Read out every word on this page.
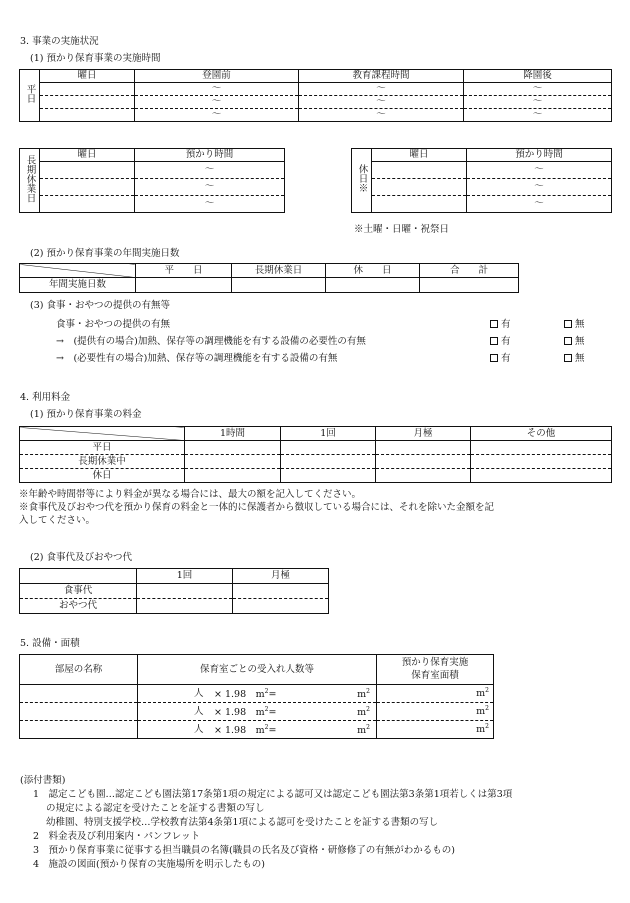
3. 事業の実施状況
(1) 預かり保育事業の実施時間
平日	曜日	登園前	教育課程時間	降園後
		〜	〜	〜
		〜	〜	〜
		〜	〜	〜
長期休業日	曜日	預かり時間
		〜
		〜
		〜
休日※	曜日	預かり時間
		〜
		〜
		〜
※土曜・日曜・祝祭日
(2) 預かり保育事業の年間実施日数
	平　　日	長期休業日	休　　日	合　　計
年間実施日数				
(3) 食事・おやつの提供の有無等
食事・おやつの提供の有無	有	無
→　(提供有の場合)加熱、保存等の調理機能を有する設備の必要性の有無	有	無
→　(必要性有の場合)加熱、保存等の調理機能を有する設備の有無	有	無
4. 利用料金
(1) 預かり保育事業の料金
	1時間	1回	月極	その他
平日				
長期休業中				
休日				
※年齢や時間帯等により料金が異なる場合には、最大の額を記入してください。
※食事代及びおやつ代を預かり保育の料金と一体的に保護者から徴収している場合には、それを除いた金額を記
入してください。
(2) 食事代及びおやつ代
	1回	月極
食事代		
おやつ代		
5. 設備・面積
部屋の名称	保育室ごとの受入れ人数等	預かり保育実施
保育室面積

	人 × 1.98　$m^2= m^2$	$m^2$

	人 × 1.98　$m^2= m^2$	$m^2$

	人 × 1.98　$m^2= m^2$	$m^2$
(添付書類)
1　認定こども園…認定こども園法第17条第1項の規定による認可又は認定こども園法第3条第1項若しくは第3項
の規定による認定を受けたことを証する書類の写し
幼稚園、特別支援学校…学校教育法第4条第1項による認可を受けたことを証する書類の写し
2　料金表及び利用案内・パンフレット
3　預かり保育事業に従事する担当職員の名簿(職員の氏名及び資格・研修修了の有無がわかるもの)
4　施設の図面(預かり保育の実施場所を明示したもの)
